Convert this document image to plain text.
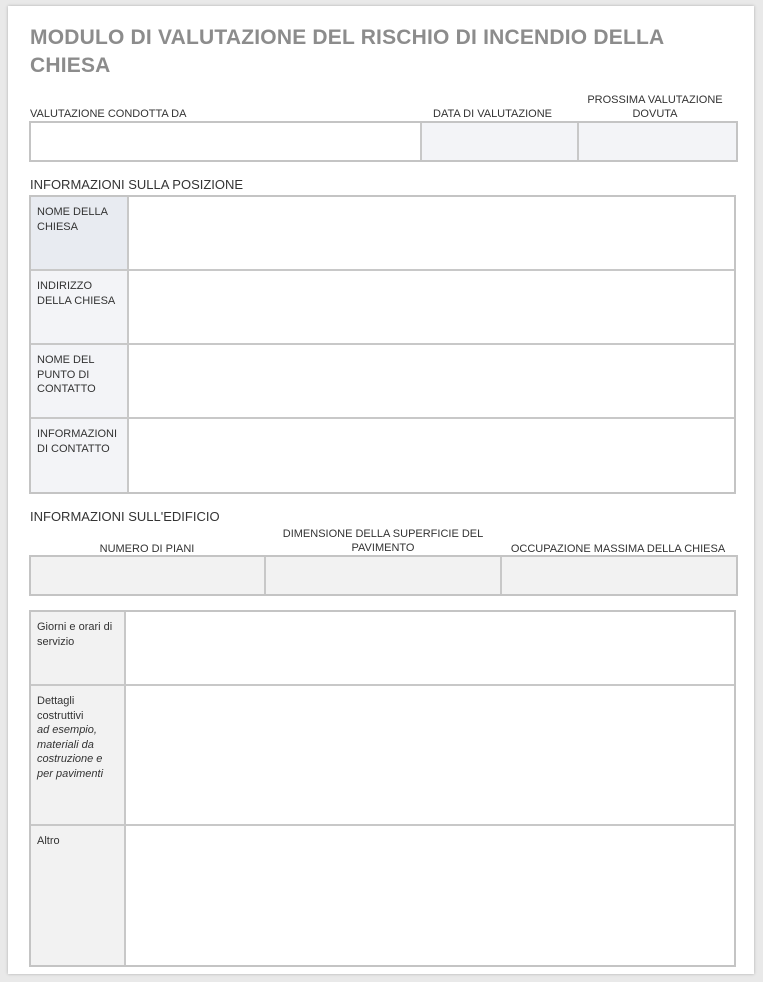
MODULO DI VALUTAZIONE DEL RISCHIO DI INCENDIO DELLA CHIESA
VALUTAZIONE CONDOTTA DA	DATA DI VALUTAZIONE
PROSSIMA VALUTAZIONE DOVUTA
INFORMAZIONI SULLA POSIZIONE
NOME DELLA CHIESA
INDIRIZZO DELLA CHIESA
NOME DEL PUNTO DI CONTATTO
INFORMAZIONI DI CONTATTO
INFORMAZIONI SULL'EDIFICIO
NUMERO DI PIANI
DIMENSIONE DELLA SUPERFICIE DEL PAVIMENTO	OCCUPAZIONE MASSIMA DELLA CHIESA
Giorni e orari di servizio
Dettagli costruttivi
ad esempio, materiali da costruzione e per pavimenti
Altro
